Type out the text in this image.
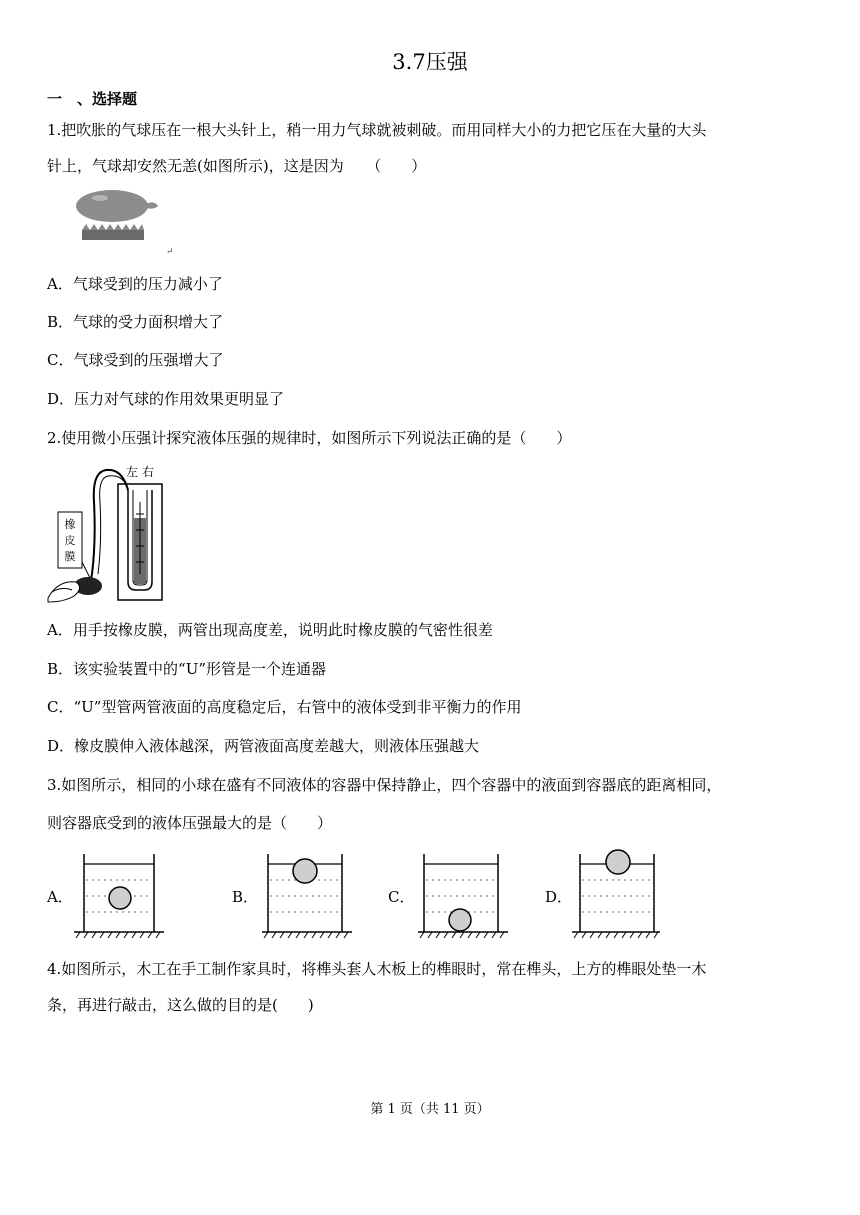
3.7压强
一　、选择题
1.把吹胀的气球压在一根大头针上，稍一用力气球就被刺破。而用同样大小的力把它压在大量的大头
针上，气球却安然无恙(如图所示)，这是因为　　（　　）
↵
A．气球受到的压力减小了
B．气球的受力面积增大了
C．气球受到的压强增大了
D．压力对气球的作用效果更明显了
2.使用微小压强计探究液体压强的规律时，如图所示下列说法正确的是（　　）
橡
皮
膜
左 右
A．用手按橡皮膜，两管出现高度差，说明此时橡皮膜的气密性很差
B．该实验装置中的“U”形管是一个连通器
C．“U”型管两管液面的高度稳定后，右管中的液体受到非平衡力的作用
D．橡皮膜伸入液体越深，两管液面高度差越大，则液体压强越大
3.如图所示，相同的小球在盛有不同液体的容器中保持静止，四个容器中的液面到容器底的距离相同，
则容器底受到的液体压强最大的是（　　）
A．	B．	C．	D．
4.如图所示，木工在手工制作家具时，将榫头套人木板上的榫眼时，常在榫头，上方的榫眼处垫一木
条，再进行敲击，这么做的目的是(　　)
第 1 页（共 11 页）
